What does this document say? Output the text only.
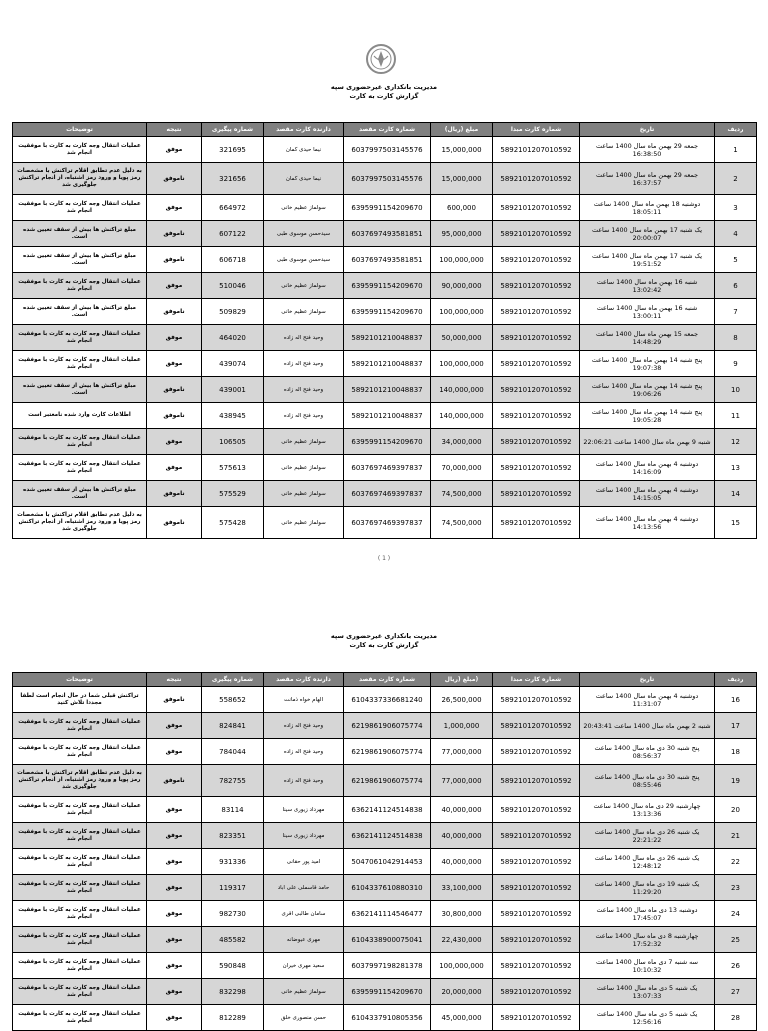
مدیریت بانکداری غیرحضوری سپه
گزارش کارت به کارت
ردیف	تاریخ	شماره کارت مبدا	مبلغ (ریال)	شماره کارت مقصد	دارنده کارت مقصد	شماره پیگیری	نتیجه	توضیحات
1	جمعه 29 بهمن ماه سال 1400 ساعت 16:38:50	5892101207010592	15,000,000	6037997503145576	نیما حیدی کمان	321695	موفق	عملیات انتقال وجه کارت به کارت با موفقیت انجام شد
2	جمعه 29 بهمن ماه سال 1400 ساعت 16:37:57	5892101207010592	15,000,000	6037997503145576	نیما حیدی کمان	321656	ناموفق	به دلیل عدم تطابق اقلام تراکنش با مشخصات رمز پویا و ورود رمز اشتباه، از انجام تراکنش جلوگیری شد
3	دوشنبه 18 بهمن ماه سال 1400 ساعت 18:05:11	5892101207010592	600,000	6395991154209670	سولماز عظیم خانی	664972	موفق	عملیات انتقال وجه کارت به کارت با موفقیت انجام شد
4	یک شنبه 17 بهمن ماه سال 1400 ساعت 20:00:07	5892101207010592	95,000,000	6037697493581851	سیدحسن موسوی طبی	607122	ناموفق	مبلغ تراکنش ها بیش از سقف تعیین شده است.
5	یک شنبه 17 بهمن ماه سال 1400 ساعت 19:51:52	5892101207010592	100,000,000	6037697493581851	سیدحسن موسوی طبی	606718	ناموفق	مبلغ تراکنش ها بیش از سقف تعیین شده است.
6	شنبه 16 بهمن ماه سال 1400 ساعت 13:02:42	5892101207010592	90,000,000	6395991154209670	سولماز عظیم خانی	510046	موفق	عملیات انتقال وجه کارت به کارت با موفقیت انجام شد
7	شنبه 16 بهمن ماه سال 1400 ساعت 13:00:11	5892101207010592	100,000,000	6395991154209670	سولماز عظیم خانی	509829	ناموفق	مبلغ تراکنش ها بیش از سقف تعیین شده است.
8	جمعه 15 بهمن ماه سال 1400 ساعت 14:48:29	5892101207010592	50,000,000	5892101210048837	وحید فتح اله زاده	464020	موفق	عملیات انتقال وجه کارت به کارت با موفقیت انجام شد
9	پنج شنبه 14 بهمن ماه سال 1400 ساعت 19:07:38	5892101207010592	100,000,000	5892101210048837	وحید فتح اله زاده	439074	موفق	عملیات انتقال وجه کارت به کارت با موفقیت انجام شد
10	پنج شنبه 14 بهمن ماه سال 1400 ساعت 19:06:26	5892101207010592	140,000,000	5892101210048837	وحید فتح اله زاده	439001	ناموفق	مبلغ تراکنش ها بیش از سقف تعیین شده است.
11	پنج شنبه 14 بهمن ماه سال 1400 ساعت 19:05:28	5892101207010592	140,000,000	5892101210048837	وحید فتح اله زاده	438945	ناموفق	اطلاعات کارت وارد شده نامعتبر است
12	شنبه 9 بهمن ماه سال 1400 ساعت 22:06:21	5892101207010592	34,000,000	6395991154209670	سولماز عظیم خانی	106505	موفق	عملیات انتقال وجه کارت به کارت با موفقیت انجام شد
13	دوشنبه 4 بهمن ماه سال 1400 ساعت 14:16:09	5892101207010592	70,000,000	6037697469397837	سولماز عظیم خانی	575613	موفق	عملیات انتقال وجه کارت به کارت با موفقیت انجام شد
14	دوشنبه 4 بهمن ماه سال 1400 ساعت 14:15:05	5892101207010592	74,500,000	6037697469397837	سولماز عظیم خانی	575529	ناموفق	مبلغ تراکنش ها بیش از سقف تعیین شده است.
15	دوشنبه 4 بهمن ماه سال 1400 ساعت 14:13:56	5892101207010592	74,500,000	6037697469397837	سولماز عظیم خانی	575428	ناموفق	به دلیل عدم تطابق اقلام تراکنش با مشخصات رمز پویا و ورود رمز اشتباه، از انجام تراکنش جلوگیری شد
( 1 )
مدیریت بانکداری غیرحضوری سپه
گزارش کارت به کارت
ردیف	تاریخ	شماره کارت مبدا	(مبلغ (ریال	شماره کارت مقصد	دارنده کارت مقصد	شماره پیگیری	نتیجه	توضیحات
16	دوشنبه 4 بهمن ماه سال 1400 ساعت 11:31:07	5892101207010592	26,500,000	6104337336681240	الهام خواه ذمانت	558652	ناموفق	تراکنش قبلی شما در حال انجام است لطفا مجددا تلاش کنید
17	شنبه 2 بهمن ماه سال 1400 ساعت 20:43:41	5892101207010592	1,000,000	6219861906075774	وحید فتح اله زاده	824841	موفق	عملیات انتقال وجه کارت به کارت با موفقیت انجام شد
18	پنج شنبه 30 دی ماه سال 1400 ساعت 08:56:37	5892101207010592	77,000,000	6219861906075774	وحید فتح اله زاده	784044	موفق	عملیات انتقال وجه کارت به کارت با موفقیت انجام شد
19	پنج شنبه 30 دی ماه سال 1400 ساعت 08:55:46	5892101207010592	77,000,000	6219861906075774	وحید فتح اله زاده	782755	ناموفق	به دلیل عدم تطابق اقلام تراکنش با مشخصات رمز پویا و ورود رمز اشتباه، از انجام تراکنش جلوگیری شد
20	چهارشنبه 29 دی ماه سال 1400 ساعت 13:13:36	5892101207010592	40,000,000	6362141124514838	مهرداد زیوری سینا	83114	موفق	عملیات انتقال وجه کارت به کارت با موفقیت انجام شد
21	یک شنبه 26 دی ماه سال 1400 ساعت 22:21:22	5892101207010592	40,000,000	6362141124514838	مهرداد زیوری سینا	823351	موفق	عملیات انتقال وجه کارت به کارت با موفقیت انجام شد
22	یک شنبه 26 دی ماه سال 1400 ساعت 12:48:12	5892101207010592	40,000,000	5047061042914453	امید پور حقانی	931336	موفق	عملیات انتقال وجه کارت به کارت با موفقیت انجام شد
23	یک شنبه 19 دی ماه سال 1400 ساعت 11:29:20	5892101207010592	33,100,000	6104337610880310	حامد قاسملی علی اباد	119317	موفق	عملیات انتقال وجه کارت به کارت با موفقیت انجام شد
24	دوشنبه 13 دی ماه سال 1400 ساعت 17:45:07	5892101207010592	30,800,000	6362141114546477	سامان طالبی اقری	982730	موفق	عملیات انتقال وجه کارت به کارت با موفقیت انجام شد
25	چهارشنبه 8 دی ماه سال 1400 ساعت 17:52:32	5892101207010592	22,430,000	6104338900075041	مهری عیوضانه	485582	موفق	عملیات انتقال وجه کارت به کارت با موفقیت انجام شد
26	سه شنبه 7 دی ماه سال 1400 ساعت 10:10:32	5892101207010592	100,000,000	6037997198281378	سعید مهری خیران	590848	موفق	عملیات انتقال وجه کارت به کارت با موفقیت انجام شد
27	یک شنبه 5 دی ماه سال 1400 ساعت 13:07:33	5892101207010592	20,000,000	6395991154209670	سولماز عظیم خانی	832298	موفق	عملیات انتقال وجه کارت به کارت با موفقیت انجام شد
28	یک شنبه 5 دی ماه سال 1400 ساعت 12:56:16	5892101207010592	45,000,000	6104337910805356	حسن منصوری خلق	812289	موفق	عملیات انتقال وجه کارت به کارت با موفقیت انجام شد
